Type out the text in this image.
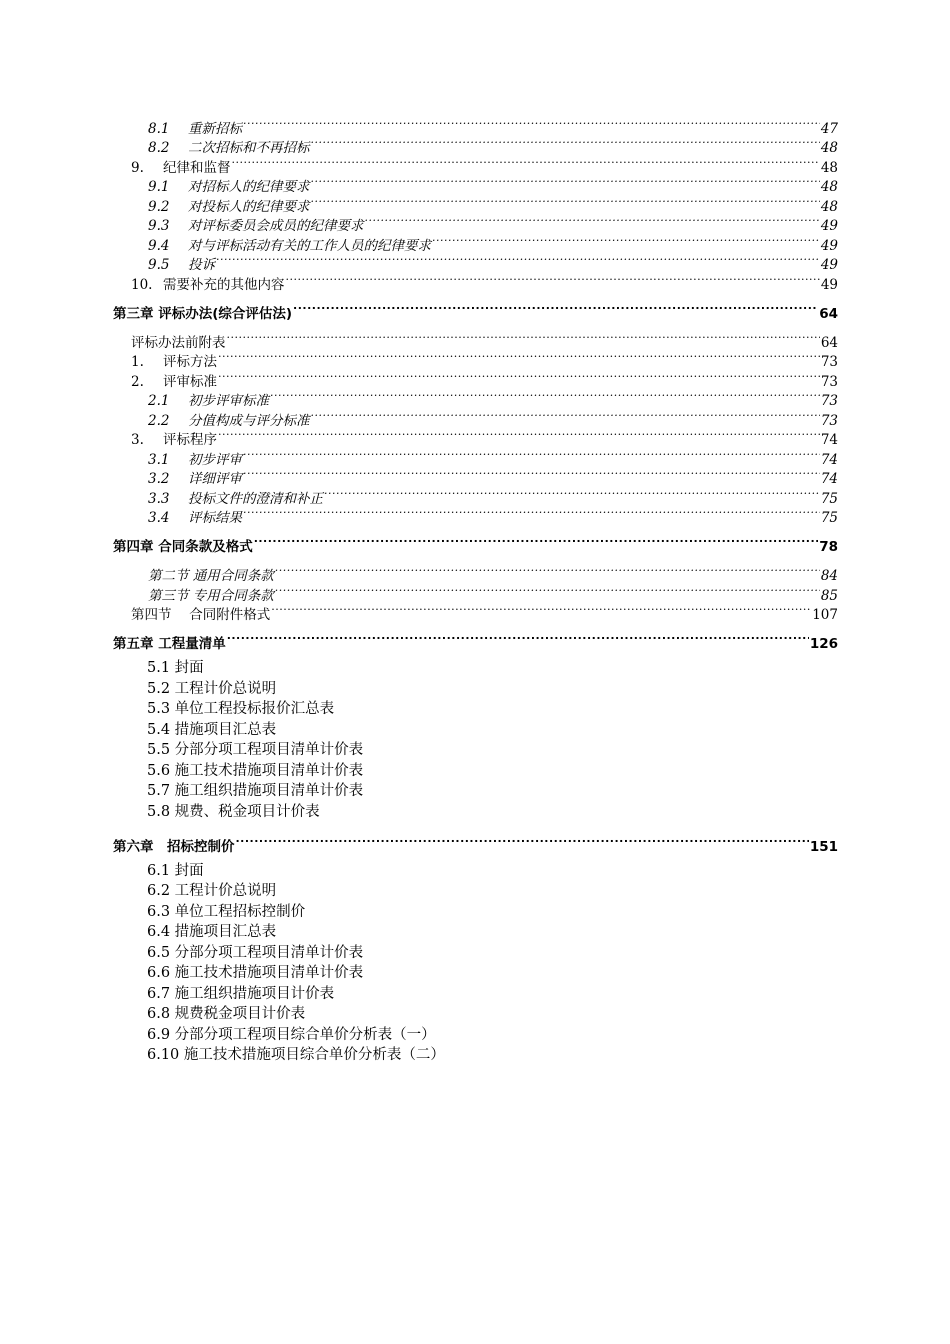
8.1	重新招标 .....	47
8.2	二次招标和不再招标 .....	48
9.	纪律和监督 .....	48
9.1	对招标人的纪律要求 .....	48
9.2	对投标人的纪律要求 .....	48
9.3	对评标委员会成员的纪律要求 .....	49
9.4	对与评标活动有关的工作人员的纪律要求 .....	49
9.5	投诉 .....	49
10. 需要补充的其他内容 .....	49
第三章 评标办法(综合评估法) .....	64
评标办法前附表 .....	64
1.	评标方法 .....	73
2.	评审标准 .....	73
2.1	初步评审标准 .....	73
2.2	分值构成与评分标准 .....	73
3.	评标程序 .....	74
3.1	初步评审 .....	74
3.2	详细评审 .....	74
3.3	投标文件的澄清和补正 .....	75
3.4	评标结果 .....	75
第四章 合同条款及格式 .....	78
第二节 通用合同条款 .....	84
第三节 专用合同条款 .....	85
第四节　 合同附件格式 .....	107
第五章 工程量清单 .....	126
5.1 封面
5.2 工程计价总说明
5.3 单位工程投标报价汇总表
5.4 措施项目汇总表
5.5 分部分项工程项目清单计价表
5.6 施工技术措施项目清单计价表
5.7 施工组织措施项目清单计价表
5.8 规费、税金项目计价表
第六章　招标控制价 .....	151
6.1 封面
6.2 工程计价总说明
6.3 单位工程招标控制价
6.4 措施项目汇总表
6.5 分部分项工程项目清单计价表
6.6 施工技术措施项目清单计价表
6.7 施工组织措施项目计价表
6.8 规费税金项目计价表
6.9 分部分项工程项目综合单价分析表（一）
6.10 施工技术措施项目综合单价分析表（二）
